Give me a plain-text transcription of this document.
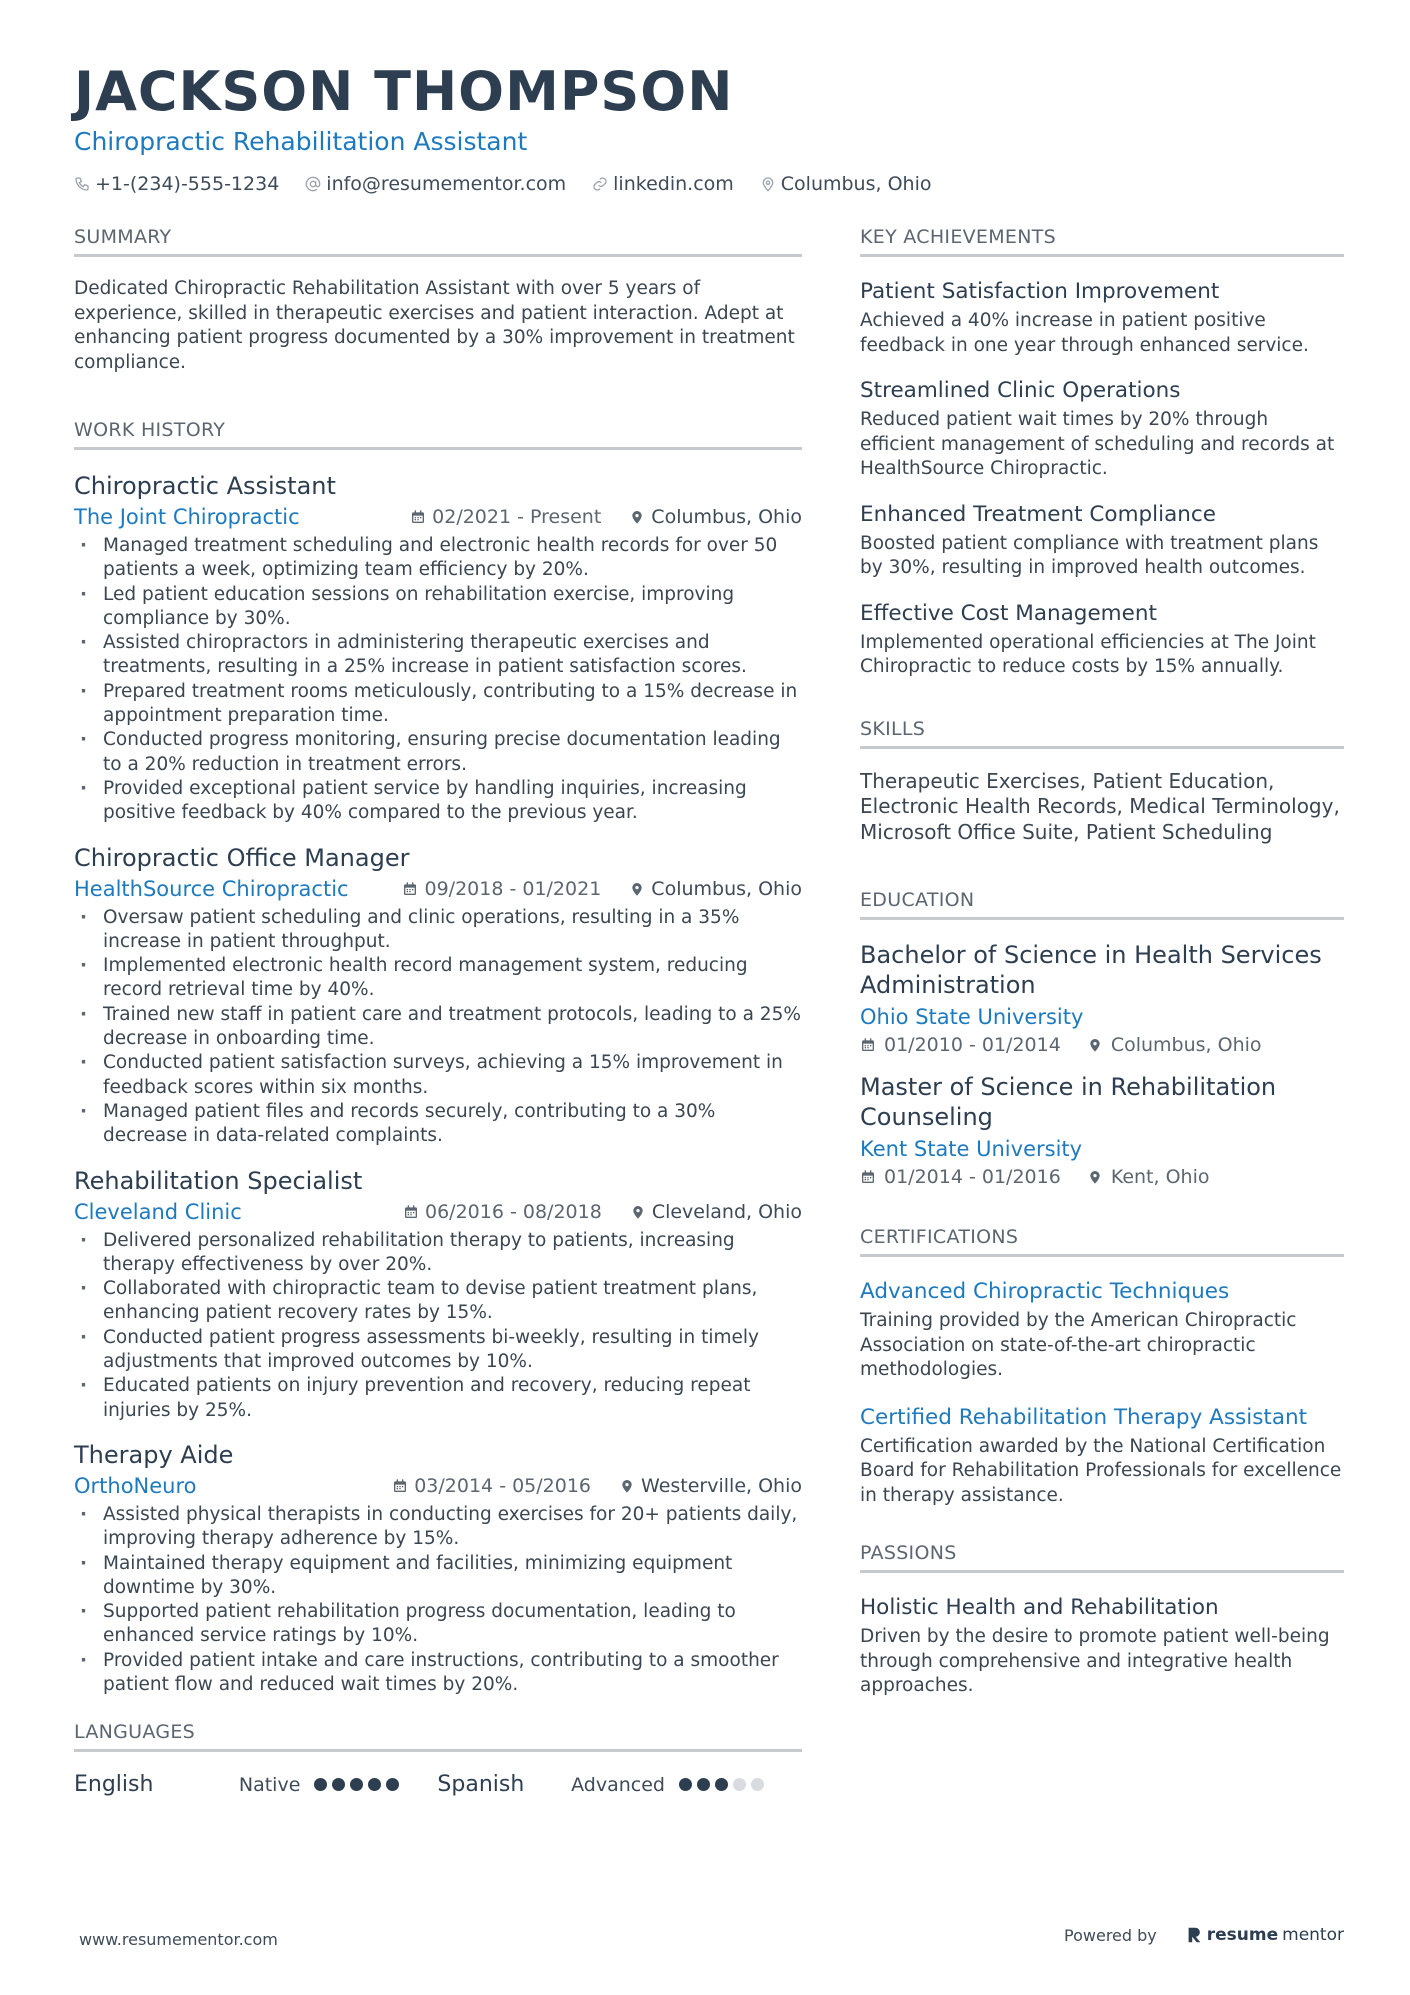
JACKSON THOMPSON
Chiropractic Rehabilitation Assistant
+1-(234)-555-1234 info@resumementor.com linkedin.com Columbus, Ohio
SUMMARY

Dedicated Chiropractic Rehabilitation Assistant with over 5 years of experience, skilled in therapeutic exercises and patient interaction. Adept at enhancing patient progress documented by a 30% improvement in treatment compliance.

WORK HISTORY
Chiropractic Assistant
The Joint Chiropractic	02/2021 - Present	Columbus, Ohio
· Managed treatment scheduling and electronic health records for over 50 patients a week, optimizing team efficiency by 20%.
· Led patient education sessions on rehabilitation exercise, improving compliance by 30%.
· Assisted chiropractors in administering therapeutic exercises and treatments, resulting in a 25% increase in patient satisfaction scores.
· Prepared treatment rooms meticulously, contributing to a 15% decrease in appointment preparation time.
· Conducted progress monitoring, ensuring precise documentation leading to a 20% reduction in treatment errors.
· Provided exceptional patient service by handling inquiries, increasing positive feedback by 40% compared to the previous year.
Chiropractic Office Manager
HealthSource Chiropractic	09/2018 - 01/2021	Columbus, Ohio
· Oversaw patient scheduling and clinic operations, resulting in a 35% increase in patient throughput.
· Implemented electronic health record management system, reducing record retrieval time by 40%.
· Trained new staff in patient care and treatment protocols, leading to a 25% decrease in onboarding time.
· Conducted patient satisfaction surveys, achieving a 15% improvement in feedback scores within six months.
· Managed patient files and records securely, contributing to a 30% decrease in data-related complaints.
Rehabilitation Specialist
Cleveland Clinic	06/2016 - 08/2018	Cleveland, Ohio
· Delivered personalized rehabilitation therapy to patients, increasing therapy effectiveness by over 20%.
· Collaborated with chiropractic team to devise patient treatment plans, enhancing patient recovery rates by 15%.
· Conducted patient progress assessments bi-weekly, resulting in timely adjustments that improved outcomes by 10%.
· Educated patients on injury prevention and recovery, reducing repeat injuries by 25%.
Therapy Aide
OrthoNeuro	03/2014 - 05/2016	Westerville, Ohio
· Assisted physical therapists in conducting exercises for 20+ patients daily, improving therapy adherence by 15%.
· Maintained therapy equipment and facilities, minimizing equipment downtime by 30%.
· Supported patient rehabilitation progress documentation, leading to enhanced service ratings by 10%.
· Provided patient intake and care instructions, contributing to a smoother patient flow and reduced wait times by 20%.
LANGUAGES
English	Native	Spanish	Advanced
KEY ACHIEVEMENTS
Patient Satisfaction Improvement
Achieved a 40% increase in patient positive feedback in one year through enhanced service.
Streamlined Clinic Operations
Reduced patient wait times by 20% through efficient management of scheduling and records at HealthSource Chiropractic.
Enhanced Treatment Compliance
Boosted patient compliance with treatment plans by 30%, resulting in improved health outcomes.
Effective Cost Management
Implemented operational efficiencies at The Joint Chiropractic to reduce costs by 15% annually.
SKILLS

Therapeutic Exercises, Patient Education, Electronic Health Records, Medical Terminology, Microsoft Office Suite, Patient Scheduling

EDUCATION
Bachelor of Science in Health Services Administration
Ohio State University
01/2010 - 01/2014	Columbus, Ohio
Master of Science in Rehabilitation Counseling
Kent State University
01/2014 - 01/2016	Kent, Ohio
CERTIFICATIONS
Advanced Chiropractic Techniques
Training provided by the American Chiropractic Association on state-of-the-art chiropractic methodologies.
Certified Rehabilitation Therapy Assistant
Certification awarded by the National Certification Board for Rehabilitation Professionals for excellence in therapy assistance.
PASSIONS
Holistic Health and Rehabilitation
Driven by the desire to promote patient well-being through comprehensive and integrative health approaches.
www.resumementor.com	Powered by	resume mentor
